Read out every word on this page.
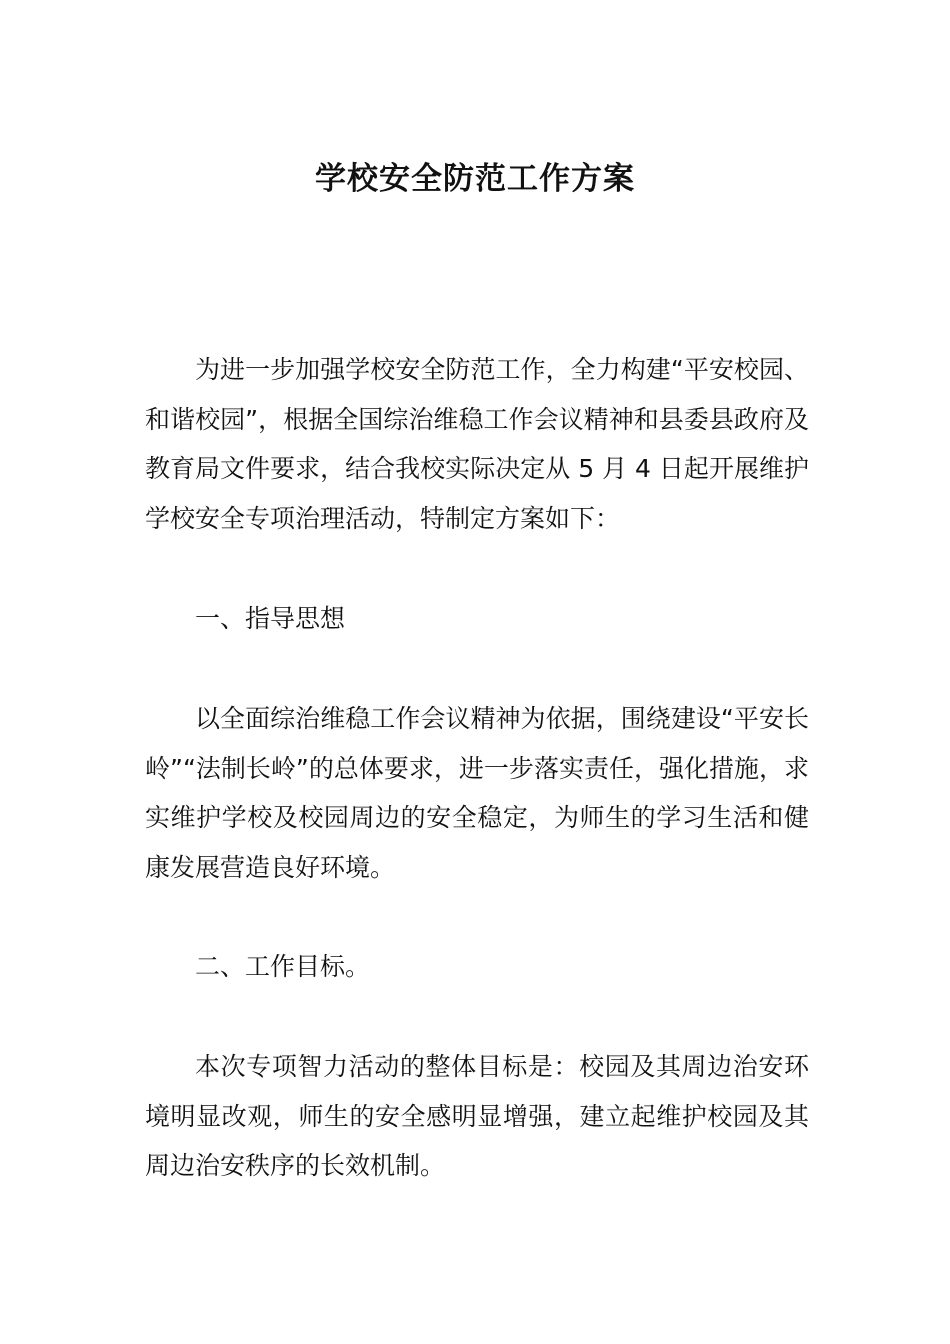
学校安全防范工作方案

为进一步加强学校安全防范工作，全力构建“平安校园、和谐校园”，根据全国综治维稳工作会议精神和县委县政府及教育局文件要求，结合我校实际决定从 5 月 4 日起开展维护学校安全专项治理活动，特制定方案如下：

一、指导思想

以全面综治维稳工作会议精神为依据，围绕建设“平安长岭”“法制长岭”的总体要求，进一步落实责任，强化措施，求实维护学校及校园周边的安全稳定，为师生的学习生活和健康发展营造良好环境。

二、工作目标。

本次专项智力活动的整体目标是：校园及其周边治安环境明显改观，师生的安全感明显增强，建立起维护校园及其周边治安秩序的长效机制。
